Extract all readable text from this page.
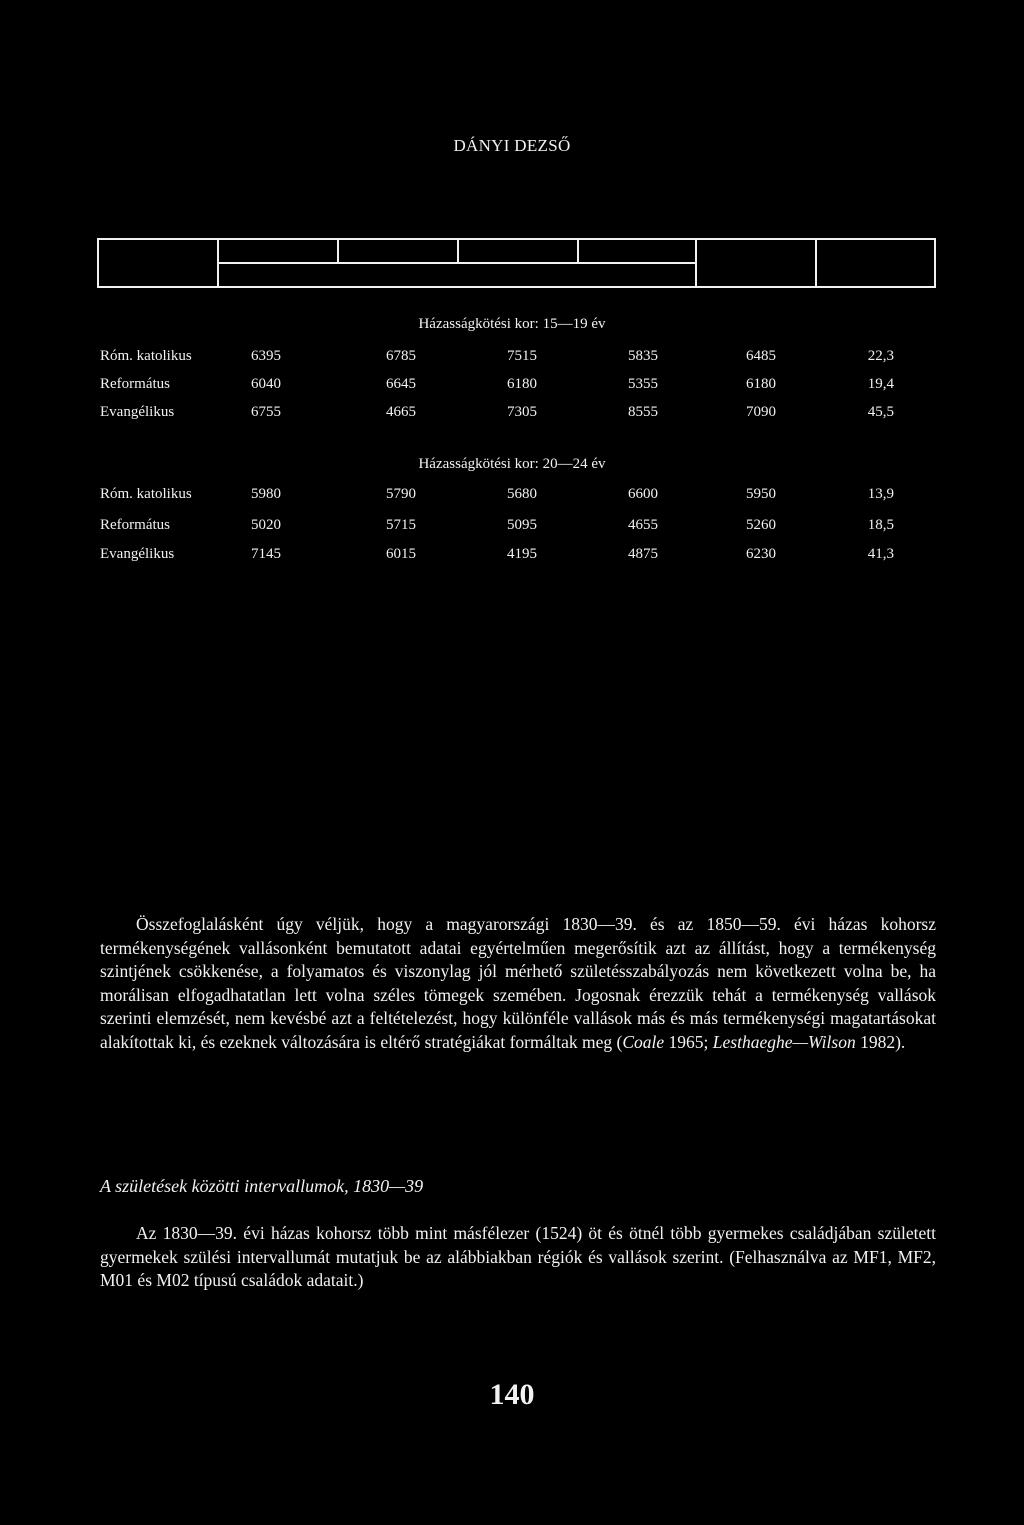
DÁNYI DEZSŐ
Házasságkötési kor: 15—19 év
Róm. katolikus	6395	6785	7515	5835	6485	22,3
Református	6040	6645	6180	5355	6180	19,4
Evangélikus	6755	4665	7305	8555	7090	45,5
Házasságkötési kor: 20—24 év
Róm. katolikus	5980	5790	5680	6600	5950	13,9
Református	5020	5715	5095	4655	5260	18,5
Evangélikus	7145	6015	4195	4875	6230	41,3

Összefoglalásként úgy véljük, hogy a magyarországi 1830—39. és az 1850—59. évi házas kohorsz termékenységének vallásonként bemutatott adatai egyértelműen megerősítik azt az állítást, hogy a termékenység szintjének csökkenése, a folyamatos és viszonylag jól mérhető születésszabályozás nem következett volna be, ha morálisan elfogadhatatlan lett volna széles tömegek szemében. Jogosnak érezzük tehát a termékenység vallások szerinti elemzését, nem kevésbé azt a feltételezést, hogy különféle vallások más és más termékenységi magatartásokat alakítottak ki, és ezeknek változására is eltérő stratégiákat formáltak meg (Coale 1965; Lesthaeghe—Wilson 1982).

A születések közötti intervallumok, 1830—39

Az 1830—39. évi házas kohorsz több mint másfélezer (1524) öt és ötnél több gyermekes családjában született gyermekek szülési intervallumát mutatjuk be az alábbiakban régiók és vallások szerint. (Felhasználva az MF1, MF2, M01 és M02 típusú családok adatait.)

140
